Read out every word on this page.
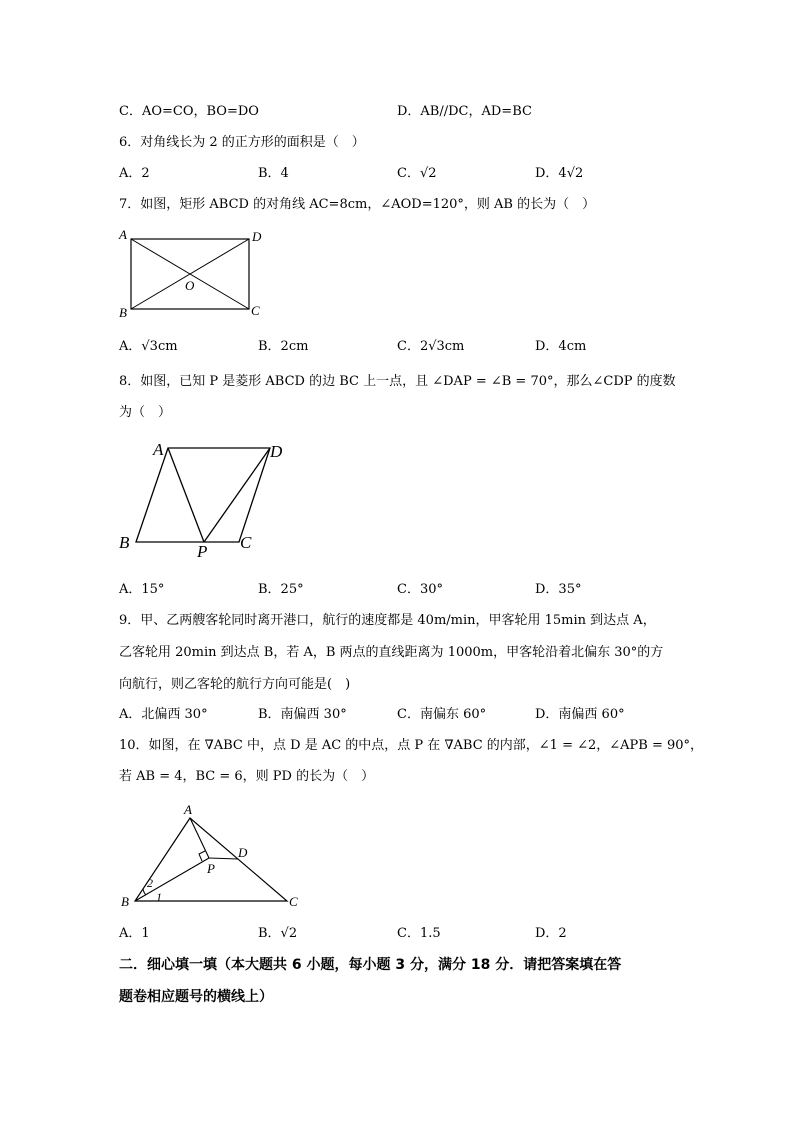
C．AO=CO，BO=DO	D．AB//DC，AD=BC
6．对角线长为 2 的正方形的面积是（　）
A．2	B．4	C．√2	D．4√2
7．如图，矩形 ABCD 的对角线 AC=8cm，∠AOD=120°，则 AB 的长为（　）
A	D
B	C
O
A．√3cm	B．2cm	C．2√3cm	D．4cm
8．如图，已知 P 是菱形 ABCD 的边 BC 上一点，且 ∠DAP = ∠B = 70°，那么∠CDP 的度数
为（　）
A	D
B	P C
A．15°	B．25°	C．30°	D．35°
9．甲、乙两艘客轮同时离开港口，航行的速度都是 40m/min，甲客轮用 15min 到达点 A，
乙客轮用 20min 到达点 B，若 A，B 两点的直线距离为 1000m，甲客轮沿着北偏东 30°的方
向航行，则乙客轮的航行方向可能是(　)
A．北偏西 30°	B．南偏西 30°	C．南偏东 60°	D．南偏西 60°
10．如图，在 ∇ABC 中，点 D 是 AC 的中点，点 P 在 ∇ABC 的内部，∠1 = ∠2，∠APB = 90°，
若 AB = 4，BC = 6，则 PD 的长为（　）
A
B	C
D
P
1
2
A．1	B．√2	C．1.5	D．2
二．细心填一填（本大题共 6 小题，每小题 3 分，满分 18 分．请把答案填在答
题卷相应题号的横线上）
